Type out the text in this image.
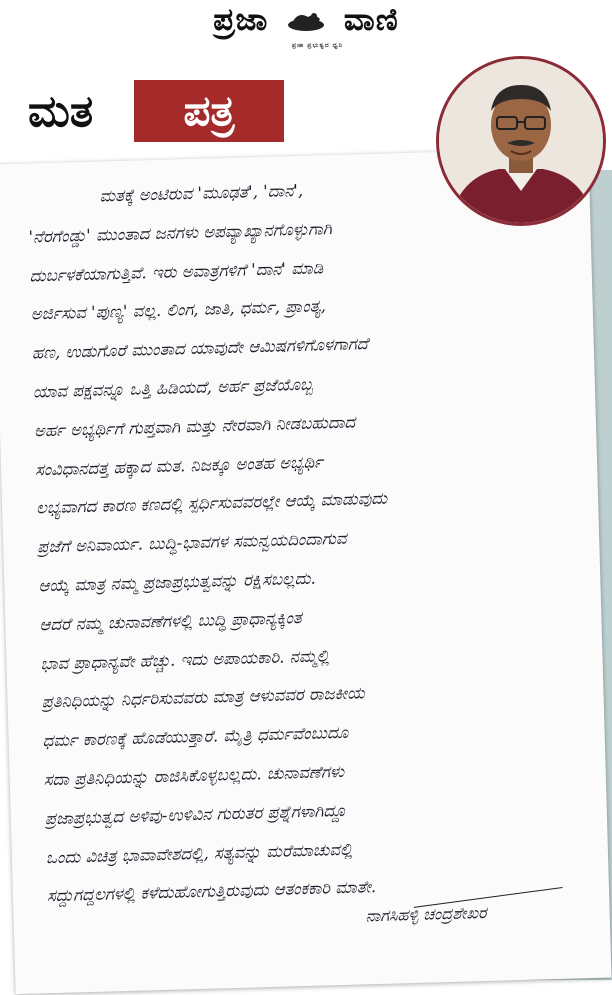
ಪ್ರಜಾ ವಾಣಿ
ಪ್ರಜಾ ಪ್ರಭುತ್ವದ ಧ್ವನಿ
ಮತ	ಪತ್ರ
ಮತಕ್ಕೆ ಅಂಟಿರುವ 'ಮೂಢತೆ', 'ದಾನ',
'ನೆರಗೆಂಡ್ಡು' ಮುಂತಾದ ಜನಗಳು ಅಪವ್ಯಾಖ್ಯಾನಗೊಳ್ಳುಗಾಗಿ
ದುರ್ಬಳಕೆಯಾಗುತ್ತಿವೆ. ಇರು ಅವಾತ್ರಗಳಿಗೆ 'ದಾನ' ಮಾಡಿ
ಅರ್ಜಿಸುವ 'ಪುಣ್ಯ' ವಲ್ಲ. ಲಿಂಗ, ಜಾತಿ, ಧರ್ಮ, ಪ್ರಾಂತ್ಯ,
ಹಣ, ಉಡುಗೊರೆ ಮುಂತಾದ ಯಾವುದೇ ಆಮಿಷಗಳಿಗೊಳಗಾಗದೆ
ಯಾವ ಪಕ್ಷವನ್ನೂ ಒತ್ತಿ ಹಿಡಿಯದೆ, ಅರ್ಹ ಪ್ರಜೆಯೊಬ್ಬ
ಅರ್ಹ ಅಭ್ಯರ್ಥಿಗೆ ಗುಪ್ತವಾಗಿ ಮತ್ತು ನೇರವಾಗಿ ನೀಡಬಹುದಾದ
ಸಂವಿಧಾನದತ್ತ ಹಕ್ಕಾದ ಮತ. ನಿಜಕ್ಕೂ ಅಂತಹ ಅಭ್ಯರ್ಥಿ
ಲಭ್ಯವಾಗದ ಕಾರಣ ಕಣದಲ್ಲಿ ಸ್ಪರ್ಧಿಸುವವರಲ್ಲೇ ಆಯ್ಕೆ ಮಾಡುವುದು
ಪ್ರಜೆಗೆ ಅನಿವಾರ್ಯ. ಬುದ್ಧಿ-ಭಾವಗಳ ಸಮನ್ವಯದಿಂದಾಗುವ
ಆಯ್ಕೆ ಮಾತ್ರ ನಮ್ಮ ಪ್ರಜಾಪ್ರಭುತ್ವವನ್ನು ರಕ್ಷಿಸಬಲ್ಲದು.
ಆದರೆ ನಮ್ಮ ಚುನಾವಣೆಗಳಲ್ಲಿ ಬುದ್ಧಿ ಪ್ರಾಧಾನ್ಯಕ್ಕಿಂತ
ಭಾವ ಪ್ರಾಧಾನ್ಯವೇ ಹೆಚ್ಚು. ಇದು ಅಪಾಯಕಾರಿ. ನಮ್ಮಲ್ಲಿ
ಪ್ರತಿನಿಧಿಯನ್ನು ನಿರ್ಧರಿಸುವವರು ಮಾತ್ರ ಆಳುವವರ ರಾಜಕೀಯ
ಧರ್ಮ ಕಾರಣಕ್ಕೆ ಹೊಡೆಯುತ್ತಾರೆ. ಮೈತ್ರಿ ಧರ್ಮವೆಂಬುದೂ
ಸದಾ ಪ್ರತಿನಿಧಿಯನ್ನು ರಾಜಿಸಿಕೊಳ್ಳಬಲ್ಲದು. ಚುನಾವಣೆಗಳು
ಪ್ರಜಾಪ್ರಭುತ್ವದ ಅಳಿವು-ಉಳಿವಿನ ಗುರುತರ ಪ್ರಶ್ನೆಗಳಾಗಿದ್ದೂ
ಒಂದು ವಿಚಿತ್ರ ಭಾವಾವೇಶದಲ್ಲಿ, ಸತ್ಯವನ್ನು ಮರೆಮಾಚುವಲ್ಲಿ
ಸದ್ದುಗದ್ದಲಗಳಲ್ಲಿ ಕಳೆದುಹೋಗುತ್ತಿರುವುದು ಆತಂಕಕಾರಿ ಮಾತೇ.
ನಾಗಸಿಹಳ್ಳಿ ಚಂದ್ರಶೇಖರ
